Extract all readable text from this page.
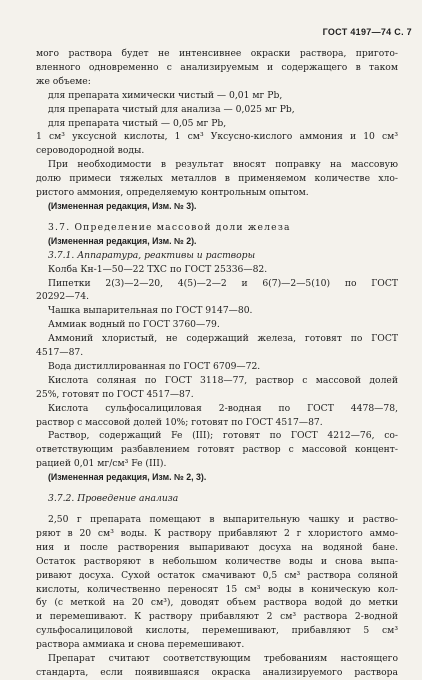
ГОСТ 4197—74 С. 7
мого раствора будет не интенсивнее окраски раствора, пригото-
вленного одновременно с анализируемым и содержащего в таком
же объеме:
для препарата химически чистый — 0,01 мг Pb,
для препарата чистый для анализа — 0,025 мг Pb,
для препарата чистый — 0,05 мг Pb,
1 см³ уксусной кислоты, 1 см³ Уксусно-кислого аммония и 10 см³
сероводородной воды.
При необходимости в результат вносят поправку на массовую
долю примеси тяжелых металлов в применяемом количестве хло-
ристого аммония, определяемую контрольным опытом.
(Измененная редакция, Изм. № 3).
3.7. Определение массовой доли железа
(Измененная редакция, Изм. № 2).
3.7.1. Аппаратура, реактивы и растворы
Колба Кн-1—50—22 ТХС по ГОСТ 25336—82.
Пипетки 2(3)—2—20, 4(5)—2—2 и 6(7)—2—5(10) по ГОСТ
20292—74.
Чашка выпарительная по ГОСТ 9147—80.
Аммиак водный по ГОСТ 3760—79.
Аммоний хлористый, не содержащий железа, готовят по ГОСТ
4517—87.
Вода дистиллированная по ГОСТ 6709—72.
Кислота соляная по ГОСТ 3118—77, раствор с массовой долей
25%, готовят по ГОСТ 4517—87.
Кислота сульфосалициловая 2-водная по ГОСТ 4478—78,
раствор с массовой долей 10%; готовят по ГОСТ 4517—87.
Раствор, содержащий Fe (III); готовят по ГОСТ 4212—76, со-
ответствующим разбавлением готовят раствор с массовой концент-
рацией 0,01 мг/см³ Fe (III).
(Измененная редакция, Изм. № 2, 3).
3.7.2. Проведение анализа
2,50 г препарата помещают в выпарительную чашку и раство-
ряют в 20 см³ воды. К раствору прибавляют 2 г хлористого аммо-
ния и после растворения выпаривают досуха на водяной бане.
Остаток растворяют в небольшом количестве воды и снова выпа-
ривают досуха. Сухой остаток смачивают 0,5 см³ раствора соляной
кислоты, количественно переносят 15 см³ воды в коническую кол-
бу (с меткой на 20 см³), доводят объем раствора водой до метки
и перемешивают. К раствору прибавляют 2 см³ раствора 2-водной
сульфосалициловой кислоты, перемешивают, прибавляют 5 см³
раствора аммиака и снова перемешивают.
Препарат считают соответствующим требованиям настоящего
стандарта, если появившаяся окраска анализируемого раствора
